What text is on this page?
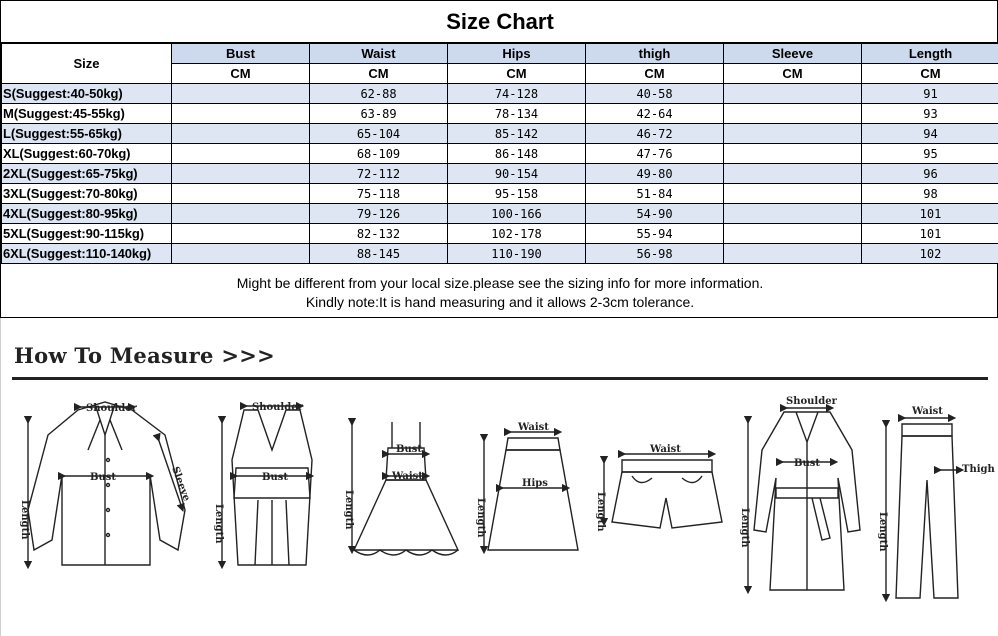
Size Chart
Size	Bust	Waist	Hips	thigh	Sleeve	Length
	CM	CM	CM	CM	CM	CM
S(Suggest:40-50kg)		62-88	74-128	40-58		91
M(Suggest:45-55kg)		63-89	78-134	42-64		93
L(Suggest:55-65kg)		65-104	85-142	46-72		94
XL(Suggest:60-70kg)		68-109	86-148	47-76		95
2XL(Suggest:65-75kg)		72-112	90-154	49-80		96
3XL(Suggest:70-80kg)		75-118	95-158	51-84		98
4XL(Suggest:80-95kg)		79-126	100-166	54-90		101
5XL(Suggest:90-115kg)		82-132	102-178	55-94		101
6XL(Suggest:110-140kg)		88-145	110-190	56-98		102
Might be different from your local size.please see the sizing info for more information.
Kindly note:It is hand measuring and it allows 2-3cm tolerance.
How To Measure >>>
Shoulder
Bust
Length
Sleeve
Shoulder
Bust
Length
Bust
Waist
Length
Waist
Hips
Length
Waist
Length
Shoulder
Bust
Length
Waist
Thigh
Length
